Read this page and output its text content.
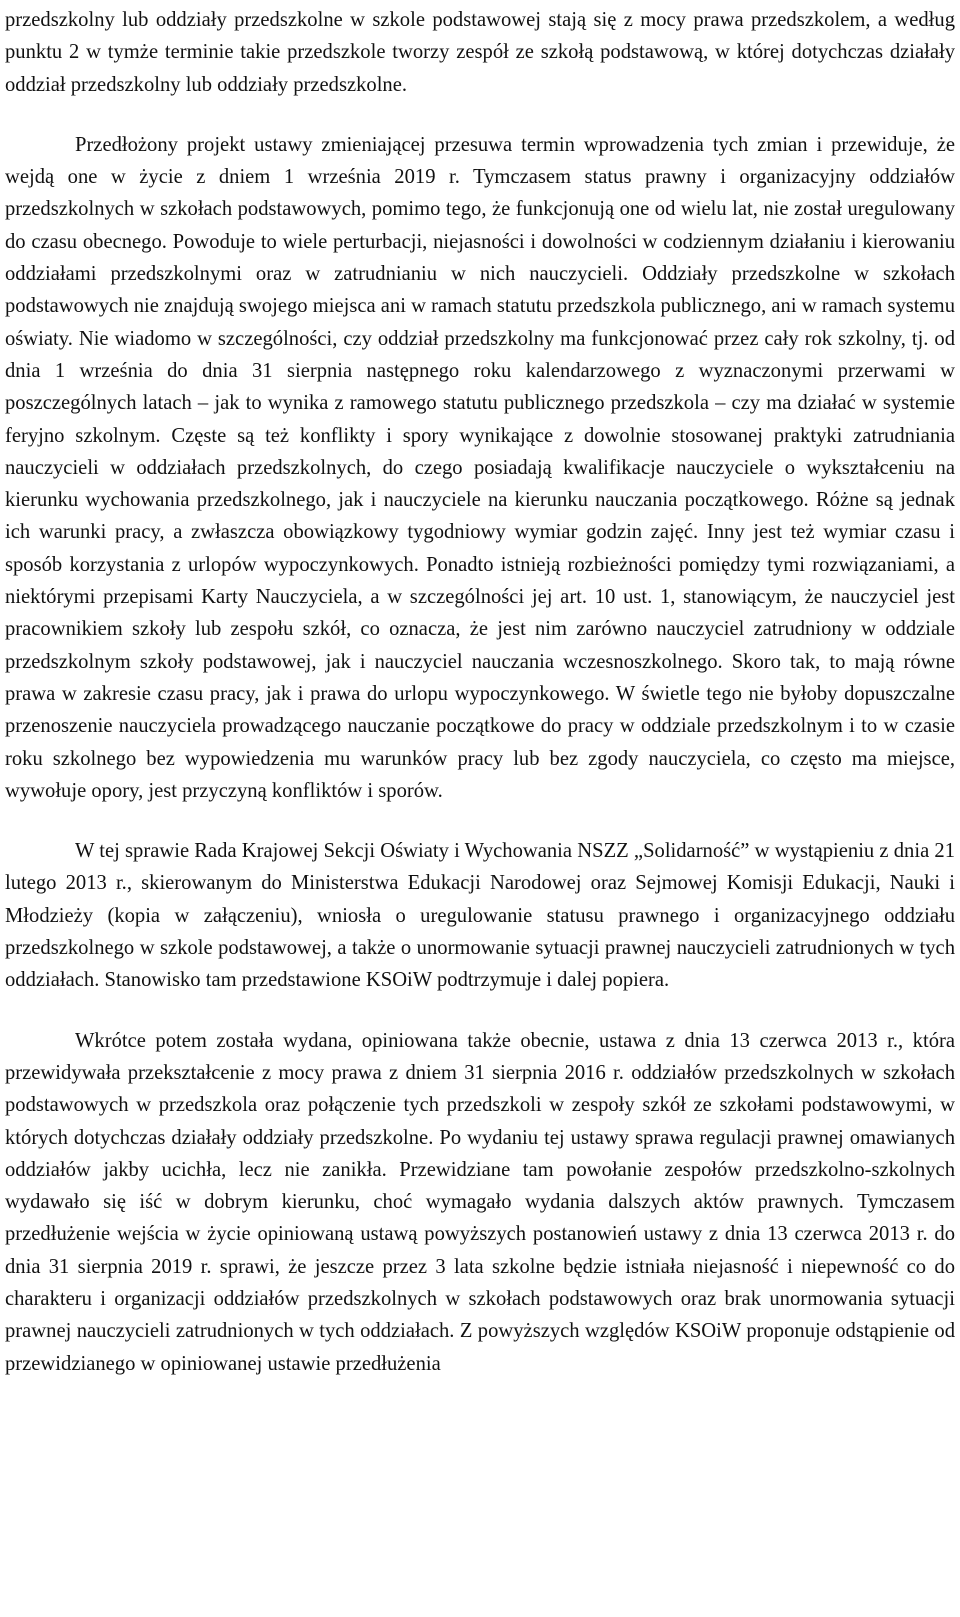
przedszkolny lub oddziały przedszkolne w szkole podstawowej stają się z mocy prawa przedszkolem, a według punktu 2 w tymże terminie takie przedszkole tworzy zespół ze szkołą podstawową, w której dotychczas działały oddział przedszkolny lub oddziały przedszkolne.

Przedłożony projekt ustawy zmieniającej przesuwa termin wprowadzenia tych zmian i przewiduje, że wejdą one w życie z dniem 1 września 2019 r. Tymczasem status prawny i organizacyjny oddziałów przedszkolnych w szkołach podstawowych, pomimo tego, że funkcjonują one od wielu lat, nie został uregulowany do czasu obecnego. Powoduje to wiele perturbacji, niejasności i dowolności w codziennym działaniu i kierowaniu oddziałami przedszkolnymi oraz w zatrudnianiu w nich nauczycieli. Oddziały przedszkolne w szkołach podstawowych nie znajdują swojego miejsca ani w ramach statutu przedszkola publicznego, ani w ramach systemu oświaty. Nie wiadomo w szczególności, czy oddział przedszkolny ma funkcjonować przez cały rok szkolny, tj. od dnia 1 września do dnia 31 sierpnia następnego roku kalendarzowego z wyznaczonymi przerwami w poszczególnych latach – jak to wynika z ramowego statutu publicznego przedszkola – czy ma działać w systemie feryjno szkolnym. Częste są też konflikty i spory wynikające z dowolnie stosowanej praktyki zatrudniania nauczycieli w oddziałach przedszkolnych, do czego posiadają kwalifikacje nauczyciele o wykształceniu na kierunku wychowania przedszkolnego, jak i nauczyciele na kierunku nauczania początkowego. Różne są jednak ich warunki pracy, a zwłaszcza obowiązkowy tygodniowy wymiar godzin zajęć. Inny jest też wymiar czasu i sposób korzystania z urlopów wypoczynkowych. Ponadto istnieją rozbieżności pomiędzy tymi rozwiązaniami, a niektórymi przepisami Karty Nauczyciela, a w szczególności jej art. 10 ust. 1, stanowiącym, że nauczyciel jest pracownikiem szkoły lub zespołu szkół, co oznacza, że jest nim zarówno nauczyciel zatrudniony w oddziale przedszkolnym szkoły podstawowej, jak i nauczyciel nauczania wczesnoszkolnego. Skoro tak, to mają równe prawa w zakresie czasu pracy, jak i prawa do urlopu wypoczynkowego. W świetle tego nie byłoby dopuszczalne przenoszenie nauczyciela prowadzącego nauczanie początkowe do pracy w oddziale przedszkolnym i to w czasie roku szkolnego bez wypowiedzenia mu warunków pracy lub bez zgody nauczyciela, co często ma miejsce, wywołuje opory, jest przyczyną konfliktów i sporów.

W tej sprawie Rada Krajowej Sekcji Oświaty i Wychowania NSZZ „Solidarność” w wystąpieniu z dnia 21 lutego 2013 r., skierowanym do Ministerstwa Edukacji Narodowej oraz Sejmowej Komisji Edukacji, Nauki i Młodzieży (kopia w załączeniu), wniosła o uregulowanie statusu prawnego i organizacyjnego oddziału przedszkolnego w szkole podstawowej, a także o unormowanie sytuacji prawnej nauczycieli zatrudnionych w tych oddziałach. Stanowisko tam przedstawione KSOiW podtrzymuje i dalej popiera.

Wkrótce potem została wydana, opiniowana także obecnie, ustawa z dnia 13 czerwca 2013 r., która przewidywała przekształcenie z mocy prawa z dniem 31 sierpnia 2016 r. oddziałów przedszkolnych w szkołach podstawowych w przedszkola oraz połączenie tych przedszkoli w zespoły szkół ze szkołami podstawowymi, w których dotychczas działały oddziały przedszkolne. Po wydaniu tej ustawy sprawa regulacji prawnej omawianych oddziałów jakby ucichła, lecz nie zanikła. Przewidziane tam powołanie zespołów przedszkolno-szkolnych wydawało się iść w dobrym kierunku, choć wymagało wydania dalszych aktów prawnych. Tymczasem przedłużenie wejścia w życie opiniowaną ustawą powyższych postanowień ustawy z dnia 13 czerwca 2013 r. do dnia 31 sierpnia 2019 r. sprawi, że jeszcze przez 3 lata szkolne będzie istniała niejasność i niepewność co do charakteru i organizacji oddziałów przedszkolnych w szkołach podstawowych oraz brak unormowania sytuacji prawnej nauczycieli zatrudnionych w tych oddziałach. Z powyższych względów KSOiW proponuje odstąpienie od przewidzianego w opiniowanej ustawie przedłużenia
